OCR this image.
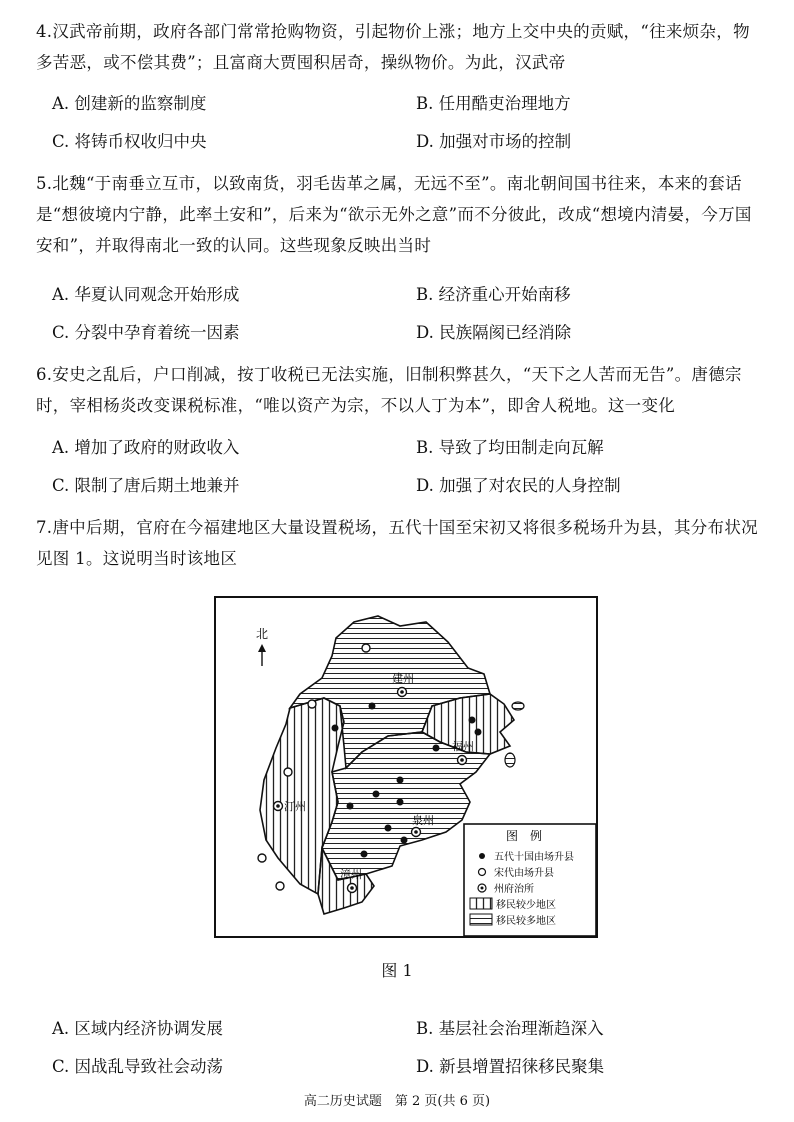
4.汉武帝前期，政府各部门常常抢购物资，引起物价上涨；地方上交中央的贡赋，“往来烦杂，物多苦恶，或不偿其费”；且富商大贾囤积居奇，操纵物价。为此，汉武帝
A. 创建新的监察制度	B. 任用酷吏治理地方
C. 将铸币权收归中央	D. 加强对市场的控制
5.北魏“于南垂立互市，以致南货，羽毛齿革之属，无远不至”。南北朝间国书往来，本来的套话是“想彼境内宁静，此率土安和”，后来为“欲示无外之意”而不分彼此，改成“想境内清晏，今万国安和”，并取得南北一致的认同。这些现象反映出当时
A. 华夏认同观念开始形成	B. 经济重心开始南移
C. 分裂中孕育着统一因素	D. 民族隔阂已经消除
6.安史之乱后，户口削减，按丁收税已无法实施，旧制积弊甚久，“天下之人苦而无告”。唐德宗时，宰相杨炎改变课税标准，“唯以资产为宗，不以人丁为本”，即舍人税地。这一变化
A. 增加了政府的财政收入	B. 导致了均田制走向瓦解
C. 限制了唐后期土地兼并	D. 加强了对农民的人身控制
7.唐中后期，官府在今福建地区大量设置税场，五代十国至宋初又将很多税场升为县，其分布状况见图 1。这说明当时该地区
北
建州
福州
汀州
泉州
漳州
图　例
五代十国由场升县
宋代由场升县
州府治所
移民较少地区
移民较多地区
图 1
A. 区域内经济协调发展	B. 基层社会治理渐趋深入
C. 因战乱导致社会动荡	D. 新县增置招徕移民聚集
高二历史试题　第 2 页(共 6 页)
